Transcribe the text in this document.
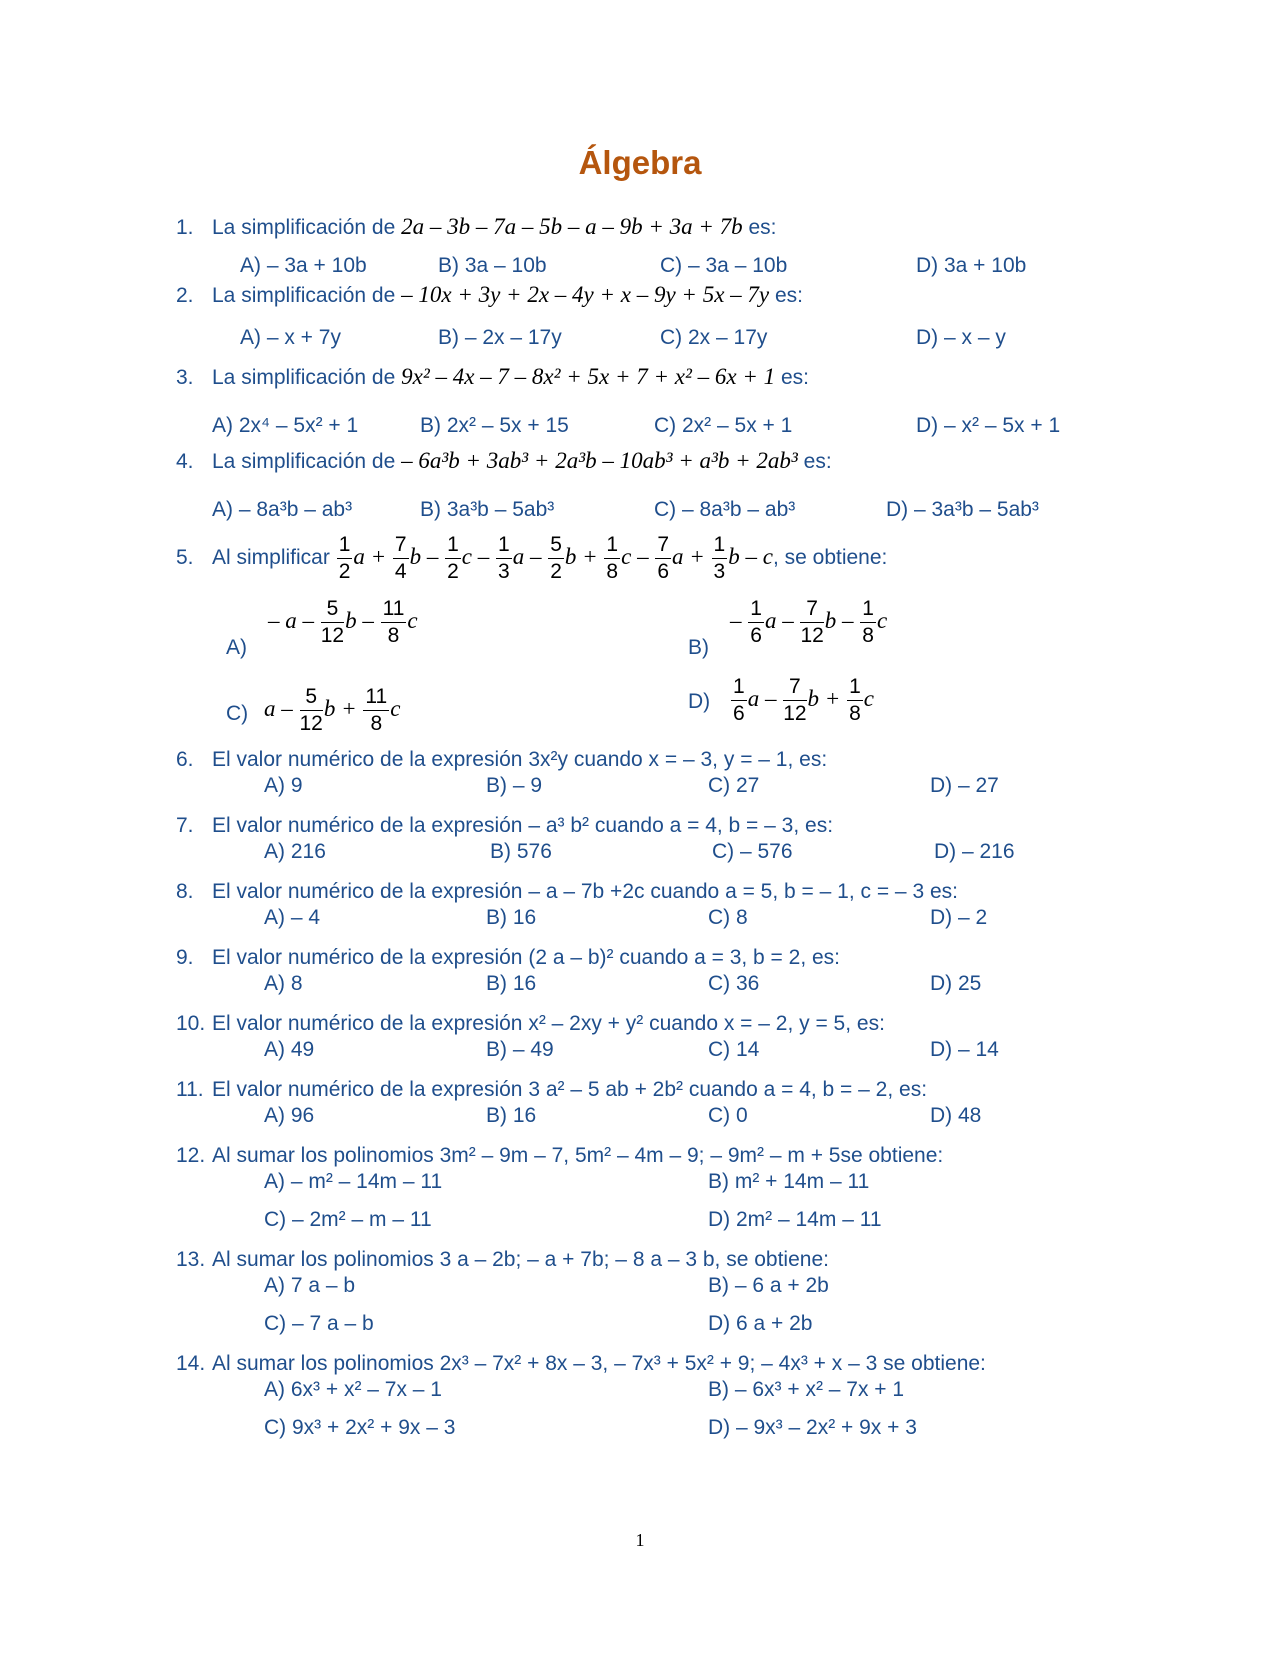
Álgebra
1. La simplificación de 2a – 3b – 7a – 5b – a – 9b + 3a + 7b es:
A) – 3a + 10b	B) 3a – 10b	C) – 3a – 10b	D) 3a + 10b
2. La simplificación de – 10x + 3y + 2x – 4y + x – 9y + 5x – 7y es:
A) – x + 7y	B) – 2x – 17y	C) 2x – 17y	D) – x – y
3. La simplificación de 9x² – 4x – 7 – 8x² + 5x + 7 + x² – 6x + 1 es:
A) 2x⁴ – 5x² + 1	B) 2x² – 5x + 15	C) 2x² – 5x + 1	D) – x² – 5x + 1
4. La simplificación de – 6a³b + 3ab³ + 2a³b – 10ab³ + a³b + 2ab³ es:
A) – 8a³b – ab³	B) 3a³b – 5ab³	C) – 8a³b – ab³	D) – 3a³b – 5ab³
5. Al simplificar $\frac{1}{2}$ $a + \frac{7}{4}$ b – $\frac{1}{2}$ c – $\frac{1}{3}$ a – $\frac{5}{2}$ $b + \frac{1}{8}$ c – $\frac{7}{6}$ $a + \frac{1}{3}$ b – c, se obtiene:
A)
– a – $\frac{5}{12}$ b – $\frac{11}{8}$ c
B)
– $\frac{1}{6}$ a – $\frac{7}{12}$ b – $\frac{1}{8}$ c
C) a – $\frac{5}{12}$ $b + \frac{11}{8}$ c	$D) \frac{1}{6}$ a – $\frac{7}{12}$ $b + \frac{1}{8}$ c
6. El valor numérico de la expresión 3x²y cuando x = – 3, y = – 1, es:
A) 9	B) – 9	C) 27	D) – 27
7. El valor numérico de la expresión – a³ b² cuando a = 4, b = – 3, es:
A) 216	B) 576	C) – 576	D) – 216
8. El valor numérico de la expresión – a – 7b +2c cuando a = 5, b = – 1, c = – 3 es:
A) – 4	B) 16	C) 8	D) – 2
9. El valor numérico de la expresión (2 a – b)² cuando a = 3, b = 2, es:
A) 8	B) 16	C) 36	D) 25
10. El valor numérico de la expresión x² – 2xy + y² cuando x = – 2, y = 5, es:
A) 49	B) – 49	C) 14	D) – 14
11. El valor numérico de la expresión 3 a² – 5 ab + 2b² cuando a = 4, b = – 2, es:
A) 96	B) 16	C) 0	D) 48
12. Al sumar los polinomios 3m² – 9m – 7, 5m² – 4m – 9; – 9m² – m + 5se obtiene:
A) – m² – 14m – 11	B) m² + 14m – 11
C) – 2m² – m – 11	D) 2m² – 14m – 11
13. Al sumar los polinomios 3 a – 2b; – a + 7b; – 8 a – 3 b, se obtiene:
A) 7 a – b	B) – 6 a + 2b
C) – 7 a – b	D) 6 a + 2b
14. Al sumar los polinomios 2x³ – 7x² + 8x – 3, – 7x³ + 5x² + 9; – 4x³ + x – 3 se obtiene:
A) 6x³ + x² – 7x – 1	B) – 6x³ + x² – 7x + 1
C) 9x³ + 2x² + 9x – 3	D) – 9x³ – 2x² + 9x + 3
1
